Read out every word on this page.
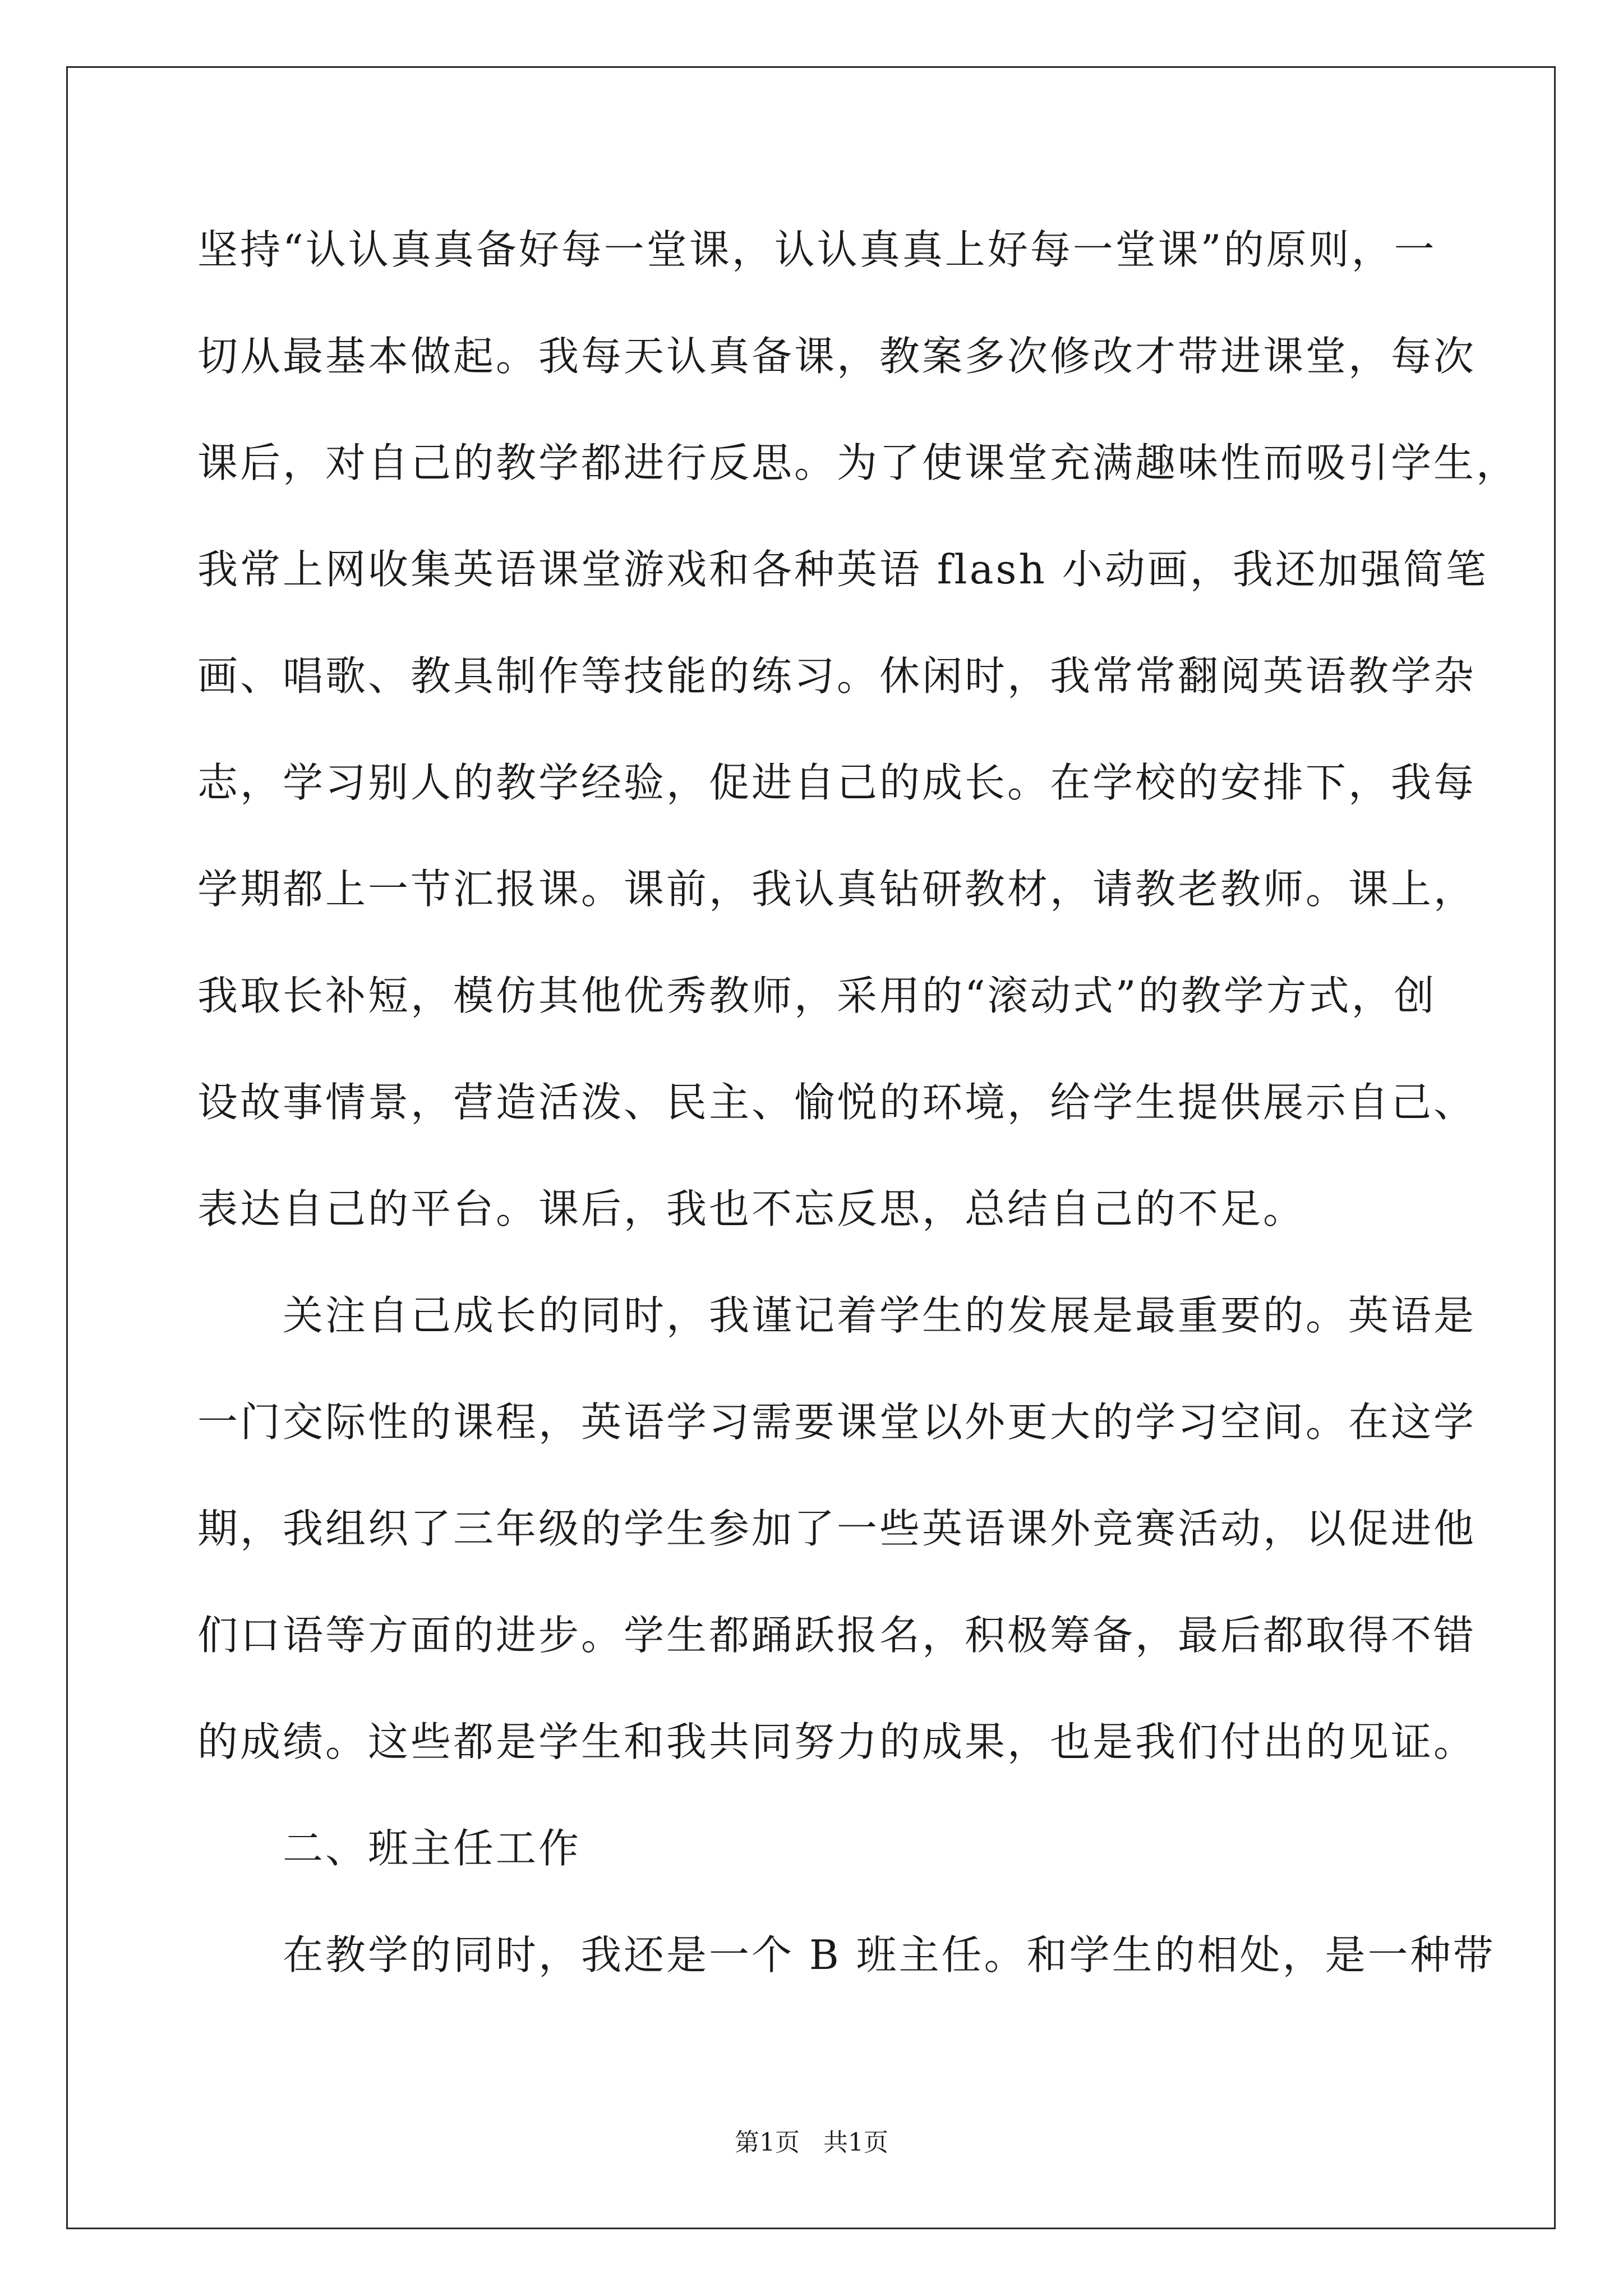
坚持“认认真真备好每一堂课，认认真真上好每一堂课”的原则，一
切从最基本做起。我每天认真备课，教案多次修改才带进课堂，每次
课后，对自己的教学都进行反思。为了使课堂充满趣味性而吸引学生，
我常上网收集英语课堂游戏和各种英语 flash 小动画，我还加强简笔
画、唱歌、教具制作等技能的练习。休闲时，我常常翻阅英语教学杂
志，学习别人的教学经验，促进自己的成长。在学校的安排下，我每
学期都上一节汇报课。课前，我认真钻研教材，请教老教师。课上，
我取长补短，模仿其他优秀教师，采用的“滚动式”的教学方式，创
设故事情景，营造活泼、民主、愉悦的环境，给学生提供展示自己、
表达自己的平台。课后，我也不忘反思，总结自己的不足。
　　关注自己成长的同时，我谨记着学生的发展是最重要的。英语是
一门交际性的课程，英语学习需要课堂以外更大的学习空间。在这学
期，我组织了三年级的学生参加了一些英语课外竞赛活动，以促进他
们口语等方面的进步。学生都踊跃报名，积极筹备，最后都取得不错
的成绩。这些都是学生和我共同努力的成果，也是我们付出的见证。
　　二、班主任工作
　　在教学的同时，我还是一个 B 班主任。和学生的相处，是一种带
第1页 共1页
